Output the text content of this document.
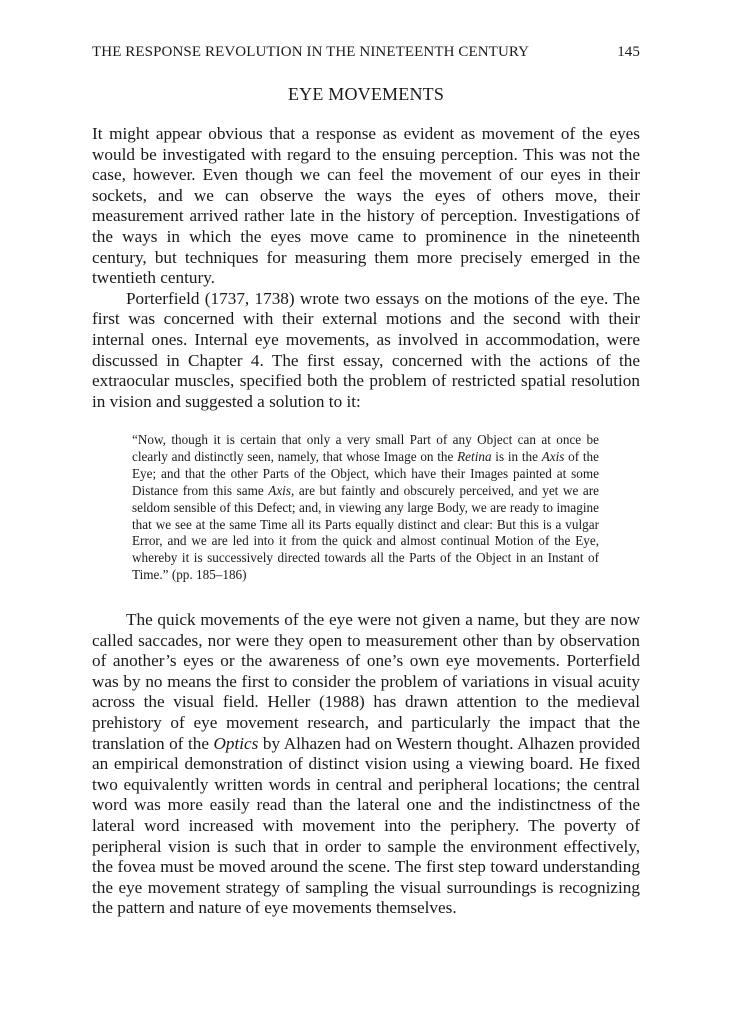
THE RESPONSE REVOLUTION IN THE NINETEENTH CENTURY	145
EYE MOVEMENTS

It might appear obvious that a response as evident as movement of the eyes would be investigated with regard to the ensuing perception. This was not the case, however. Even though we can feel the movement of our eyes in their sockets, and we can observe the ways the eyes of others move, their measurement arrived rather late in the history of perception. Investigations of the ways in which the eyes move came to prominence in the nineteenth century, but techniques for measuring them more precisely emerged in the twentieth century.

Porterfield (1737, 1738) wrote two essays on the motions of the eye. The first was concerned with their external motions and the second with their internal ones. Internal eye movements, as involved in accommodation, were discussed in Chapter 4. The first essay, concerned with the actions of the extraocular muscles, specified both the problem of restricted spatial resolution in vision and suggested a solution to it:

“Now, though it is certain that only a very small Part of any Object can at once be clearly and distinctly seen, namely, that whose Image on the Retina is in the Axis of the Eye; and that the other Parts of the Object, which have their Images painted at some Distance from this same Axis, are but faintly and obscurely perceived, and yet we are seldom sensible of this Defect; and, in viewing any large Body, we are ready to imagine that we see at the same Time all its Parts equally distinct and clear: But this is a vulgar Error, and we are led into it from the quick and almost continual Motion of the Eye, whereby it is successively directed towards all the Parts of the Object in an Instant of Time.” (pp. 185–186)

The quick movements of the eye were not given a name, but they are now called saccades, nor were they open to measurement other than by observation of another’s eyes or the awareness of one’s own eye movements. Porterfield was by no means the first to consider the problem of variations in visual acuity across the visual field. Heller (1988) has drawn attention to the medieval prehistory of eye movement research, and particularly the impact that the translation of the Optics by Alhazen had on Western thought. Alhazen provided an empirical demonstration of distinct vision using a viewing board. He fixed two equivalently written words in central and peripheral locations; the central word was more easily read than the lateral one and the indistinctness of the lateral word increased with movement into the periphery. The poverty of peripheral vision is such that in order to sample the environment effectively, the fovea must be moved around the scene. The first step toward understanding the eye movement strategy of sampling the visual surroundings is recognizing the pattern and nature of eye movements themselves.
